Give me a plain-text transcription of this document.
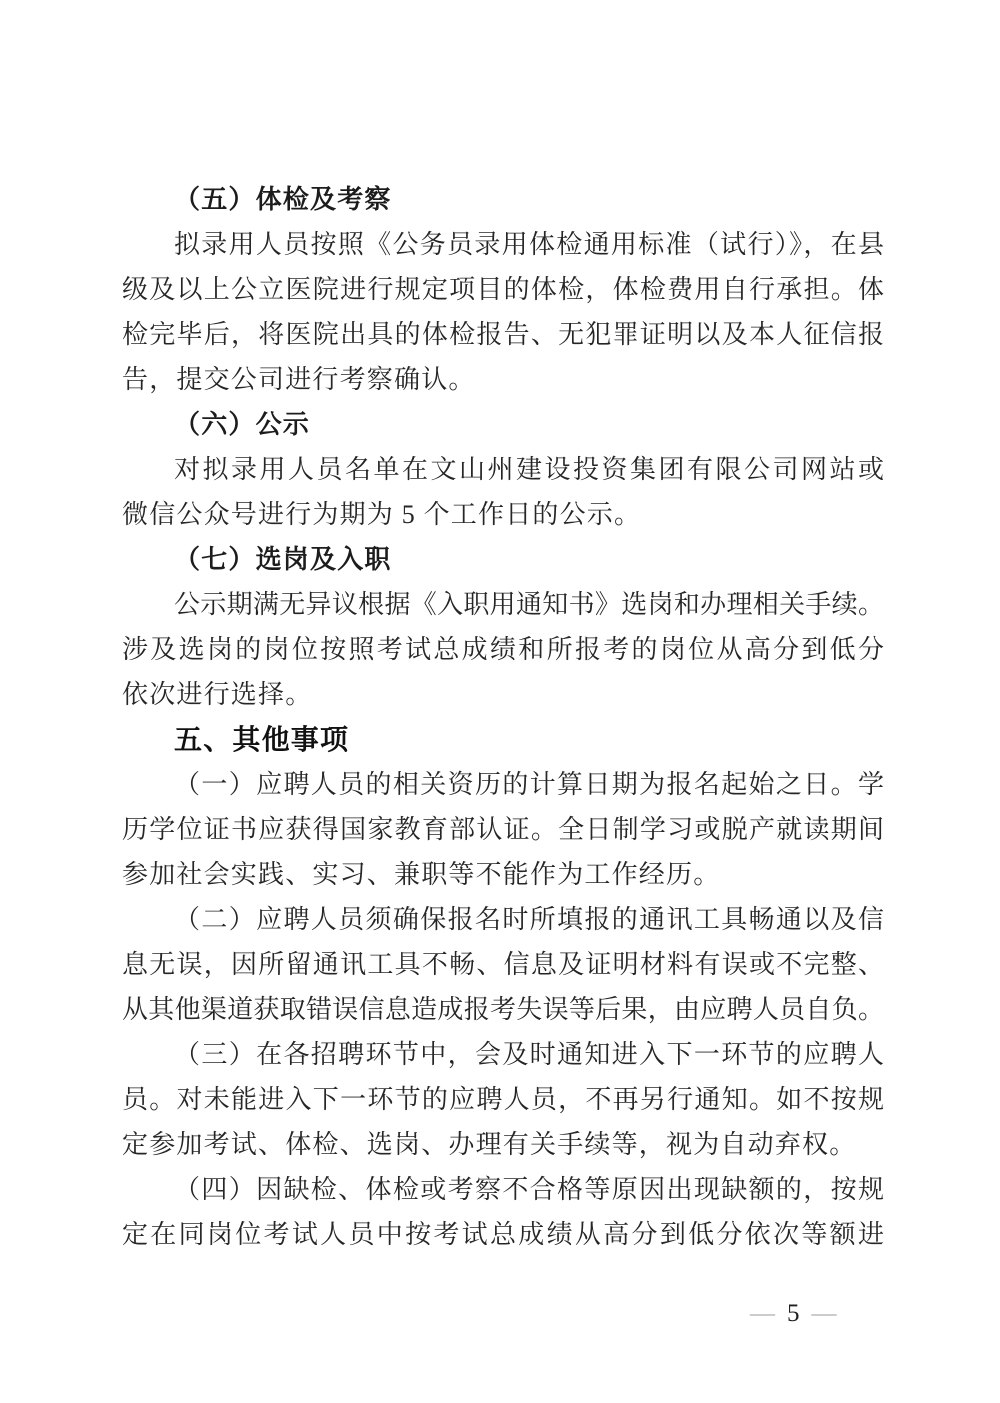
（五）体检及考察
拟录用人员按照《公务员录用体检通用标准（试行）》，在县
级及以上公立医院进行规定项目的体检，体检费用自行承担。体
检完毕后，将医院出具的体检报告、无犯罪证明以及本人征信报
告，提交公司进行考察确认。
（六）公示
对拟录用人员名单在文山州建设投资集团有限公司网站或
微信公众号进行为期为 5 个工作日的公示。
（七）选岗及入职
公示期满无异议根据《入职用通知书》选岗和办理相关手续。
涉及选岗的岗位按照考试总成绩和所报考的岗位从高分到低分
依次进行选择。
五、其他事项
（一）应聘人员的相关资历的计算日期为报名起始之日。学
历学位证书应获得国家教育部认证。全日制学习或脱产就读期间
参加社会实践、实习、兼职等不能作为工作经历。
（二）应聘人员须确保报名时所填报的通讯工具畅通以及信
息无误，因所留通讯工具不畅、信息及证明材料有误或不完整、
从其他渠道获取错误信息造成报考失误等后果，由应聘人员自负。
（三）在各招聘环节中，会及时通知进入下一环节的应聘人
员。对未能进入下一环节的应聘人员，不再另行通知。如不按规
定参加考试、体检、选岗、办理有关手续等，视为自动弃权。
（四）因缺检、体检或考察不合格等原因出现缺额的，按规
定在同岗位考试人员中按考试总成绩从高分到低分依次等额进
— 5 —
